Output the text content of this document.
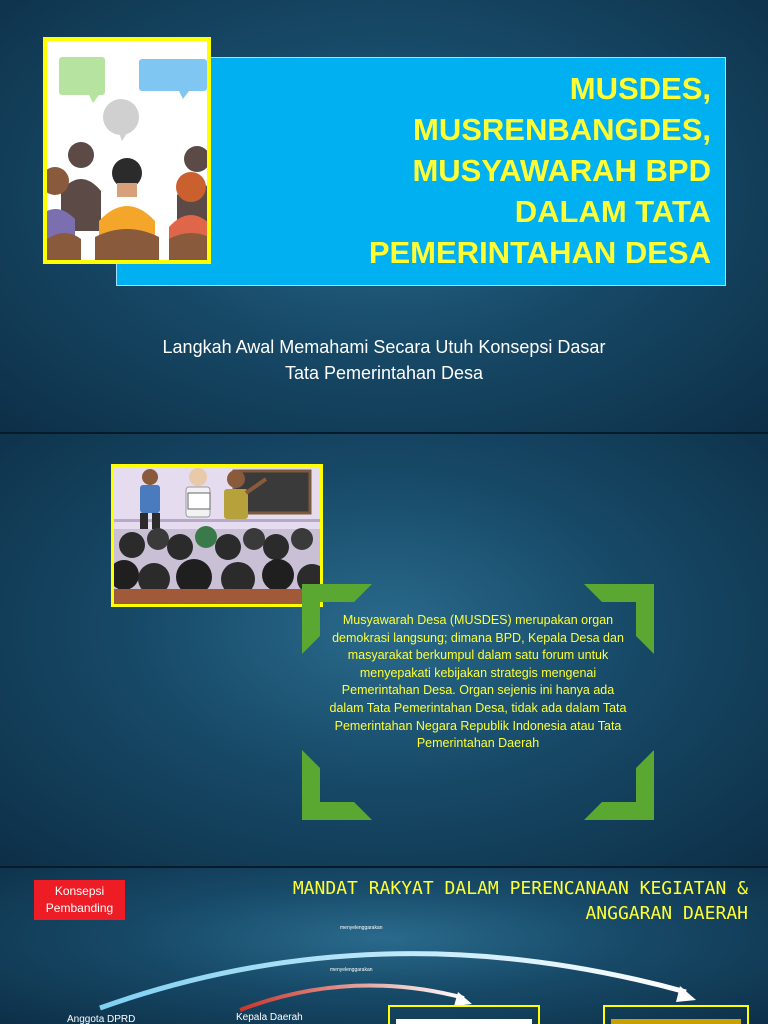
MUSDES,
MUSRENBANGDES,
MUSYAWARAH BPD
DALAM TATA
PEMERINTAHAN DESA
Langkah Awal Memahami Secara Utuh Konsepsi Dasar
Tata Pemerintahan Desa
Musyawarah Desa (MUSDES) merupakan organ demokrasi langsung; dimana BPD, Kepala Desa dan masyarakat berkumpul dalam satu forum untuk menyepakati kebijakan strategis mengenai Pemerintahan Desa. Organ sejenis ini hanya ada dalam Tata Pemerintahan Desa, tidak ada dalam Tata Pemerintahan Negara Republik Indonesia atau Tata Pemerintahan Daerah
Konsepsi
Pembanding
MANDAT RAKYAT DALAM PERENCANAAN KEGIATAN &
ANGGARAN DAERAH
menyelenggarakan
menyelenggarakan
Anggota DPRD	Kepala Daerah
